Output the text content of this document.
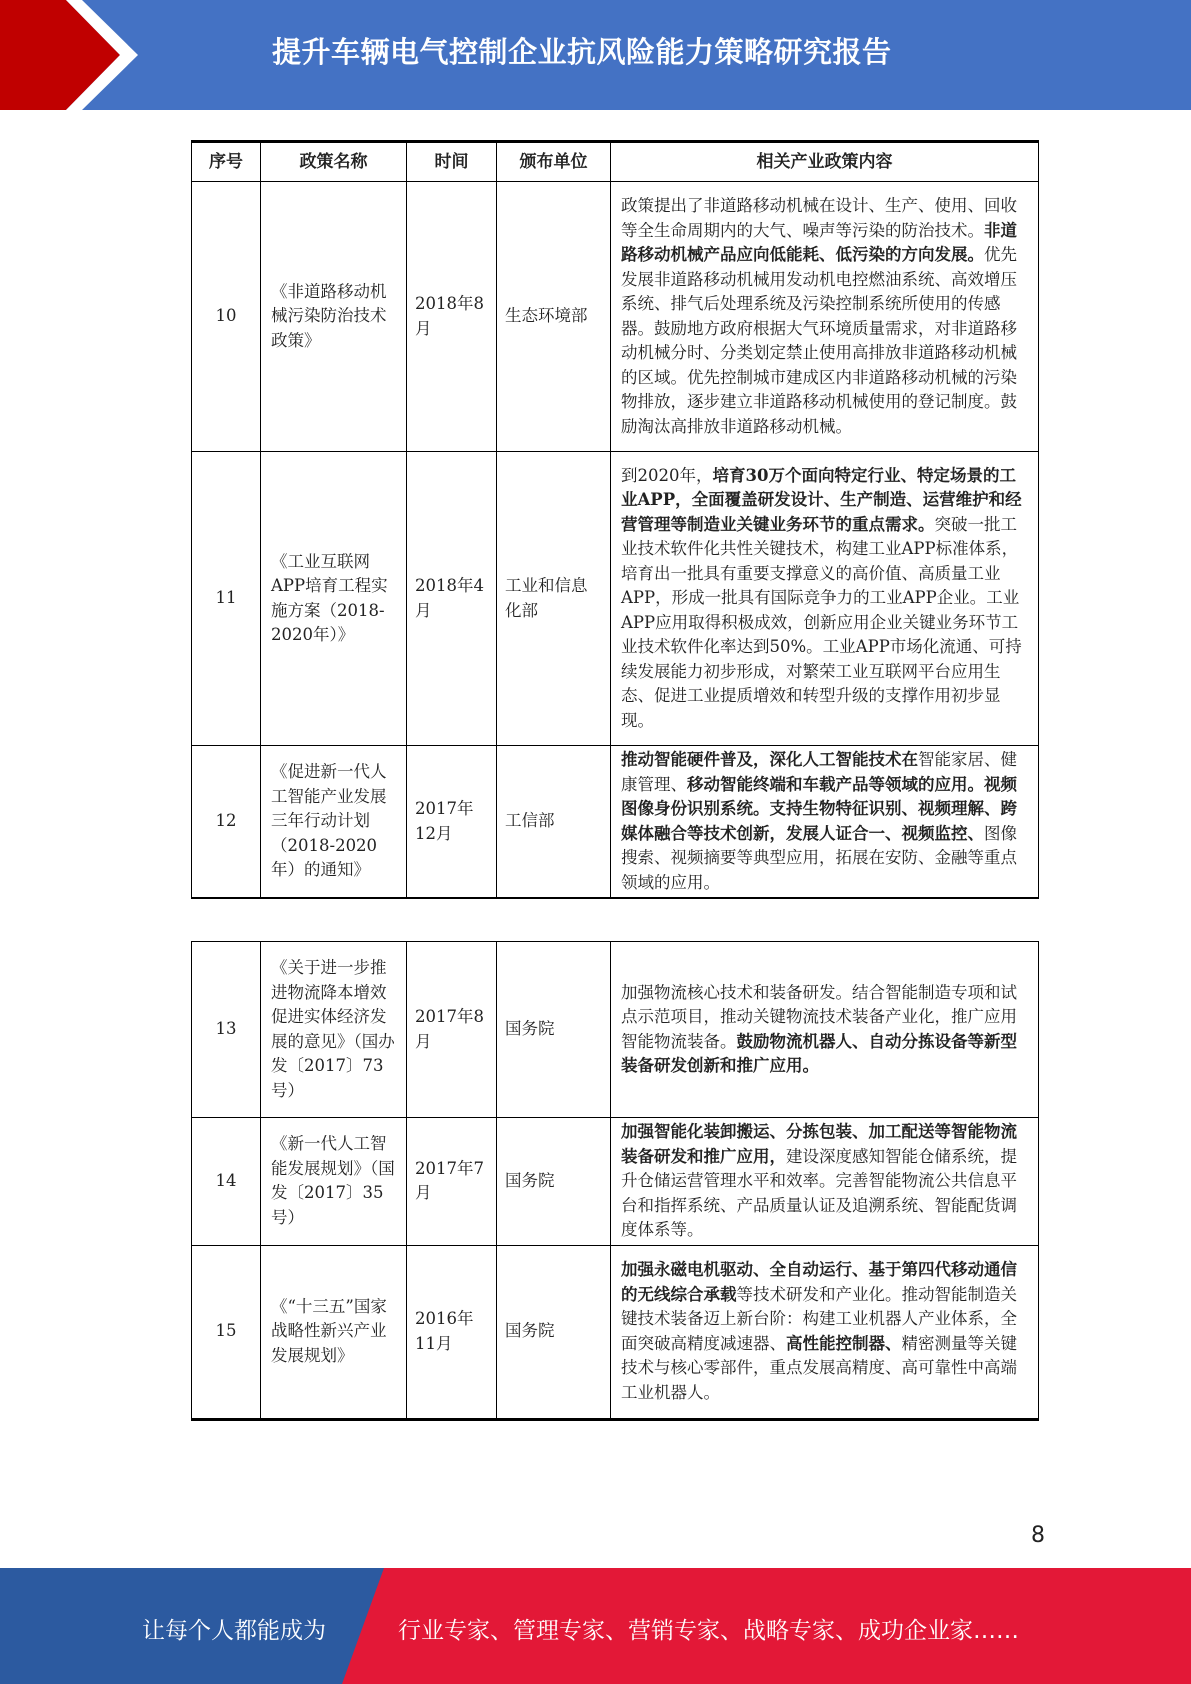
提升车辆电气控制企业抗风险能力策略研究报告
序号	政策名称	时间	颁布单位	相关产业政策内容
10	《非道路移动机械污染防治技术政策》	2018年8月	生态环境部	政策提出了非道路移动机械在设计、生产、使用、回收等全生命周期内的大气、噪声等污染的防治技术。非道路移动机械产品应向低能耗、低污染的方向发展。优先发展非道路移动机械用发动机电控燃油系统、高效增压系统、排气后处理系统及污染控制系统所使用的传感器。鼓励地方政府根据大气环境质量需求，对非道路移动机械分时、分类划定禁止使用高排放非道路移动机械的区域。优先控制城市建成区内非道路移动机械的污染物排放，逐步建立非道路移动机械使用的登记制度。鼓励淘汰高排放非道路移动机械。
11	《工业互联网APP培育工程实施方案（2018-2020年）》	2018年4月	工业和信息化部	到2020年，培育30万个面向特定行业、特定场景的工业APP，全面覆盖研发设计、生产制造、运营维护和经营管理等制造业关键业务环节的重点需求。突破一批工业技术软件化共性关键技术，构建工业APP标准体系，培育出一批具有重要支撑意义的高价值、高质量工业APP，形成一批具有国际竞争力的工业APP企业。工业APP应用取得积极成效，创新应用企业关键业务环节工业技术软件化率达到50%。工业APP市场化流通、可持续发展能力初步形成，对繁荣工业互联网平台应用生态、促进工业提质增效和转型升级的支撑作用初步显现。
12	《促进新一代人工智能产业发展三年行动计划（2018-2020年）的通知》	2017年12月	工信部	推动智能硬件普及，深化人工智能技术在智能家居、健康管理、移动智能终端和车载产品等领域的应用。视频图像身份识别系统。支持生物特征识别、视频理解、跨媒体融合等技术创新，发展人证合一、视频监控、图像搜索、视频摘要等典型应用，拓展在安防、金融等重点领域的应用。
13	《关于进一步推进物流降本增效促进实体经济发展的意见》（国办发〔2017〕73号）	2017年8月	国务院	加强物流核心技术和装备研发。结合智能制造专项和试点示范项目，推动关键物流技术装备产业化，推广应用智能物流装备。鼓励物流机器人、自动分拣设备等新型装备研发创新和推广应用。
14	《新一代人工智能发展规划》（国发〔2017〕35号）	2017年7月	国务院	加强智能化装卸搬运、分拣包装、加工配送等智能物流装备研发和推广应用，建设深度感知智能仓储系统，提升仓储运营管理水平和效率。完善智能物流公共信息平台和指挥系统、产品质量认证及追溯系统、智能配货调度体系等。
15	《“十三五”国家战略性新兴产业发展规划》	2016年11月	国务院	加强永磁电机驱动、全自动运行、基于第四代移动通信的无线综合承载等技术研发和产业化。推动智能制造关键技术装备迈上新台阶：构建工业机器人产业体系，全面突破高精度减速器、高性能控制器、精密测量等关键技术与核心零部件，重点发展高精度、高可靠性中高端工业机器人。
8
让每个人都能成为	行业专家、管理专家、营销专家、战略专家、成功企业家……
